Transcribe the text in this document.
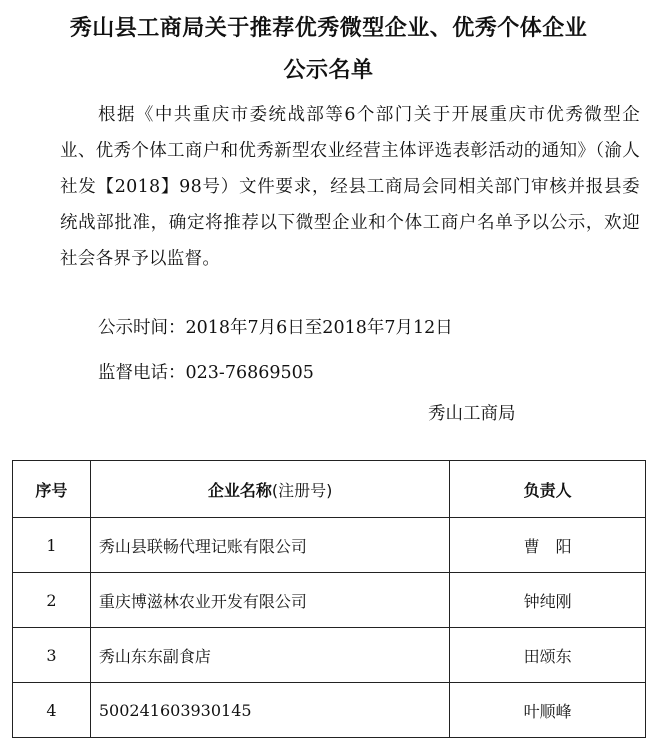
秀山县工商局关于推荐优秀微型企业、优秀个体企业
公示名单
根据《中共重庆市委统战部等6个部门关于开展重庆市优秀微型企业、优秀个体工商户和优秀新型农业经营主体评选表彰活动的通知》（渝人社发【2018】98号）文件要求，经县工商局会同相关部门审核并报县委统战部批准，确定将推荐以下微型企业和个体工商户名单予以公示，欢迎社会各界予以监督。
公示时间：2018年7月6日至2018年7月12日
监督电话：023-76869505
秀山工商局
序号	企业名称(注册号)	负责人
1	秀山县联畅代理记账有限公司	曹　阳
2	重庆博滋林农业开发有限公司	钟纯刚
3	秀山东东副食店	田颂东
4	500241603930145	叶顺峰
